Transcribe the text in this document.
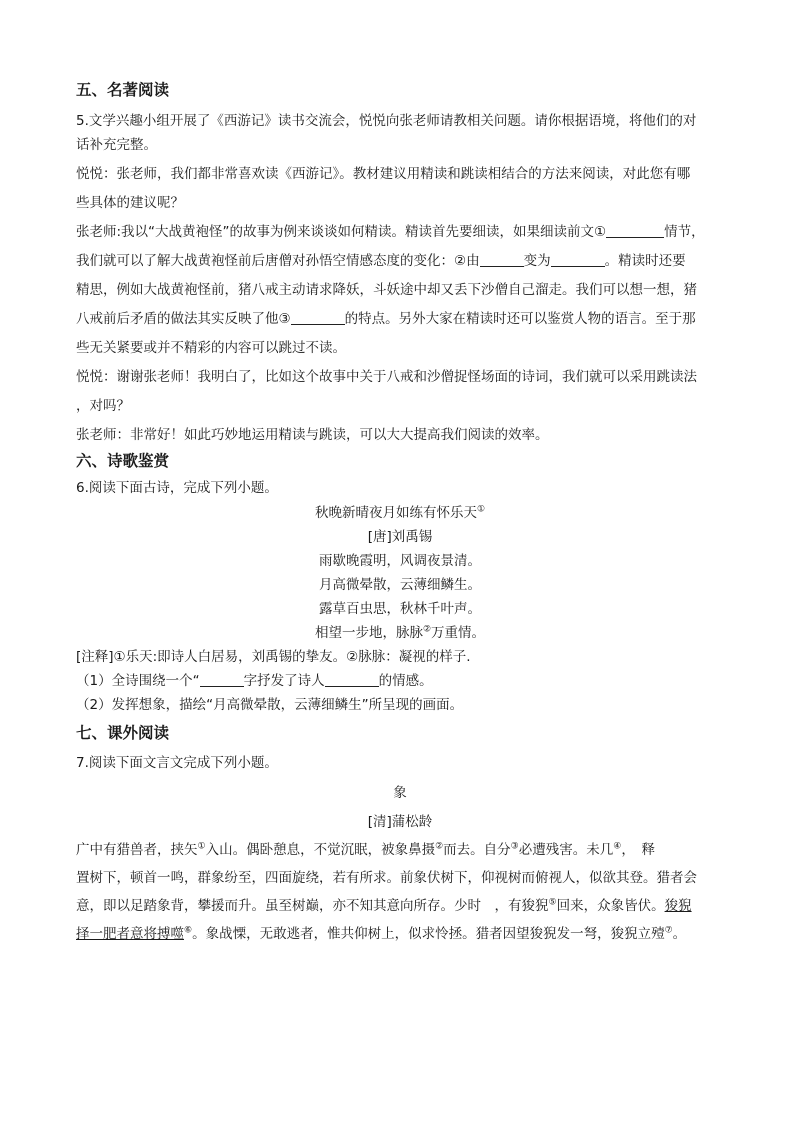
五、名著阅读

5.文学兴趣小组开展了《西游记》读书交流会，悦悦向张老师请教相关问题。请你根据语境，将他们的对

话补充完整。

悦悦：张老师，我们都非常喜欢读《西游记》。教材建议用精读和跳读相结合的方法来阅读，对此您有哪

些具体的建议呢？

张老师:我以“大战黄袍怪”的故事为例来谈谈如何精读。精读首先要细读，如果细读前文①	情节，

我们就可以了解大战黄袍怪前后唐僧对孙悟空情感态度的变化：②由	变为	。精读时还要

精思，例如大战黄袍怪前，猪八戒主动请求降妖，斗妖途中却又丢下沙僧自己溜走。我们可以想一想，猪

八戒前后矛盾的做法其实反映了他③	的特点。另外大家在精读时还可以鉴赏人物的语言。至于那

些无关紧要或并不精彩的内容可以跳过不读。

悦悦：谢谢张老师！我明白了，比如这个故事中关于八戒和沙僧捉怪场面的诗词，我们就可以采用跳读法

，对吗？

张老师：非常好！如此巧妙地运用精读与跳读，可以大大提高我们阅读的效率。

六、诗歌鉴赏

6.阅读下面古诗，完成下列小题。

秋晚新晴夜月如练有怀乐天①

[唐]刘禹锡

雨歇晚霞明，风调夜景清。

月高微晕散，云薄细鳞生。

露草百虫思，秋林千叶声。

相望一步地，脉脉②万重情。

[注释]①乐天:即诗人白居易，刘禹锡的挚友。②脉脉：凝视的样子.

（1）全诗围绕一个“	字抒发了诗人	的情感。

（2）发挥想象，描绘“月高微晕散，云薄细鳞生”所呈现的画面。

七、课外阅读

7.阅读下面文言文完成下列小题。

象

[清]蒲松龄

广中有猎兽者，挟矢①入山。偶卧憩息，不觉沉眠，被象鼻摄②而去。自分③必遭残害。未几④，　释

置树下，顿首一鸣，群象纷至，四面旋绕，若有所求。前象伏树下，仰视树而俯视人，似欲其登。猎者会

意，即以足踏象背，攀援而升。虽至树巅，亦不知其意向所存。少时　，有狻猊⑤回来，众象皆伏。狻猊

择一肥者意将搏噬⑥。象战慄，无敢逃者，惟共仰树上，似求怜拯。猎者因望狻猊发一弩，狻猊立殪⑦。
